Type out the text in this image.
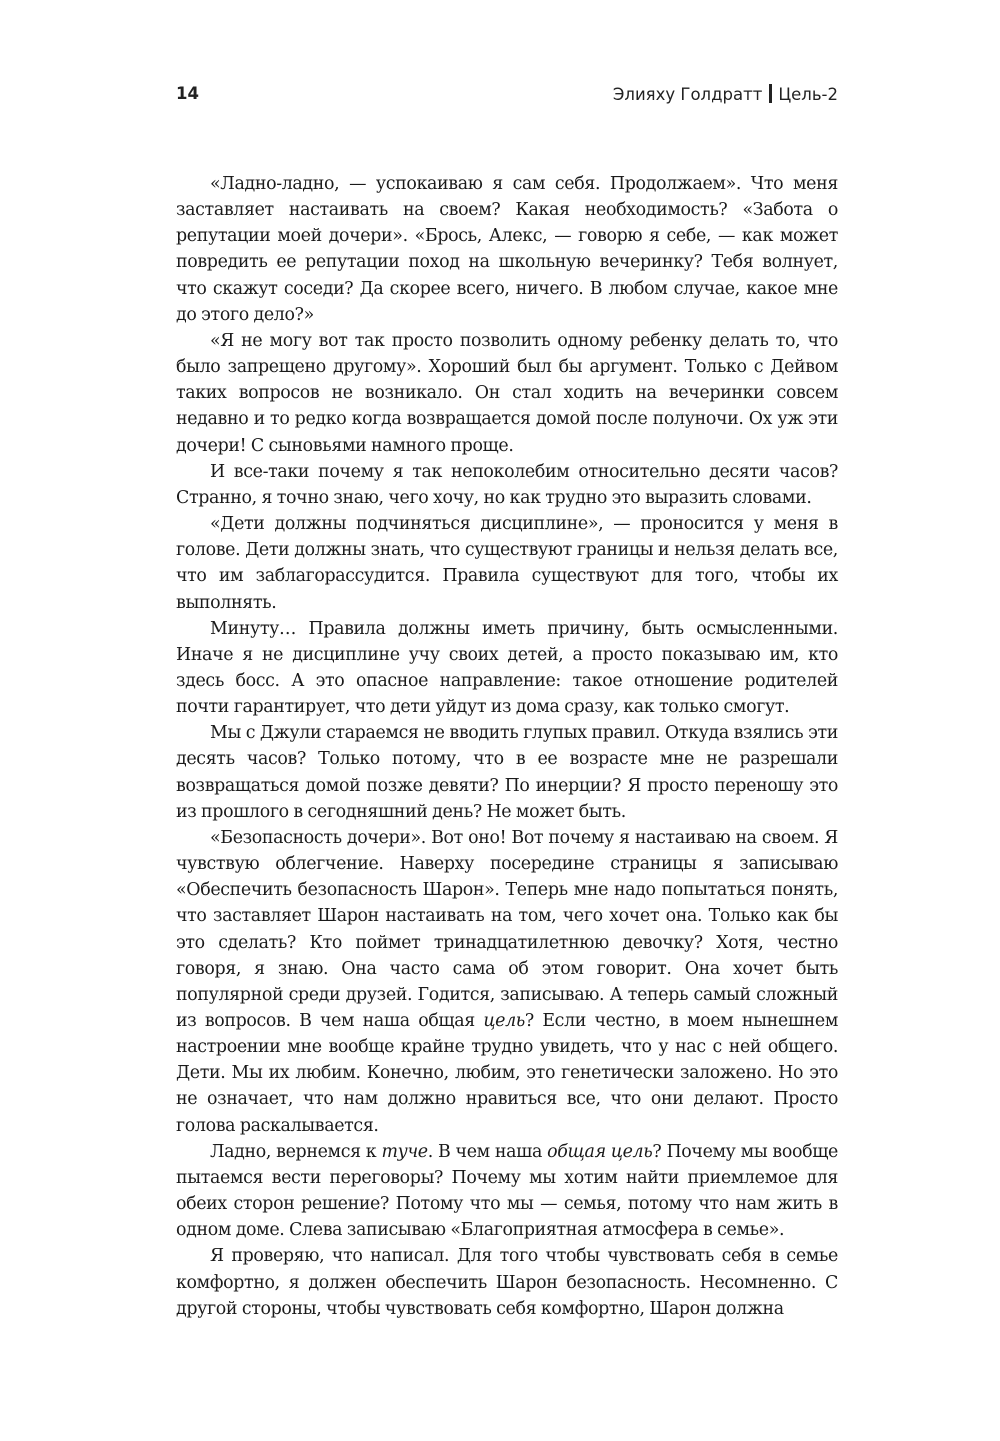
14	Элияху Голдратт Цель-2

«Ладно-ладно, — успокаиваю я сам себя. Продолжаем». Что меня заставляет настаивать на своем? Какая необходимость? «Забота о репутации моей дочери». «Брось, Алекс, — говорю я себе, — как может повредить ее репутации поход на школьную вечеринку? Тебя волнует, что скажут соседи? Да скорее всего, ничего. В любом случае, какое мне до этого дело?»

«Я не могу вот так просто позволить одному ребенку делать то, что было запрещено другому». Хороший был бы аргумент. Только с Дейвом таких вопросов не возникало. Он стал ходить на вечеринки совсем недавно и то редко когда возвращается домой после полуночи. Ох уж эти дочери! С сыновьями намного проще.

И все-таки почему я так непоколебим относительно десяти часов? Странно, я точно знаю, чего хочу, но как трудно это выразить словами.

«Дети должны подчиняться дисциплине», — проносится у меня в голове. Дети должны знать, что существуют границы и нельзя делать все, что им заблагорассудится. Правила существуют для того, чтобы их выполнять.

Минуту… Правила должны иметь причину, быть осмысленными. Иначе я не дисциплине учу своих детей, а просто показываю им, кто здесь босс. А это опасное направление: такое отношение родителей почти гарантирует, что дети уйдут из дома сразу, как только смогут.

Мы с Джули стараемся не вводить глупых правил. Откуда взялись эти десять часов? Только потому, что в ее возрасте мне не разрешали возвращаться домой позже девяти? По инерции? Я просто переношу это из прошлого в сегодняшний день? Не может быть.

«Безопасность дочери». Вот оно! Вот почему я настаиваю на своем. Я чувствую облегчение. Наверху посередине страницы я записываю «Обеспечить безопасность Шарон». Теперь мне надо попытаться понять, что заставляет Шарон настаивать на том, чего хочет она. Только как бы это сделать? Кто поймет тринадцатилетнюю девочку? Хотя, честно говоря, я знаю. Она часто сама об этом говорит. Она хочет быть популярной среди друзей. Годится, записываю. А теперь самый сложный из вопросов. В чем наша общая цель? Если честно, в моем нынешнем настроении мне вообще крайне трудно увидеть, что у нас с ней общего. Дети. Мы их любим. Конечно, любим, это генетически заложено. Но это не означает, что нам должно нравиться все, что они делают. Просто голова раскалывается.

Ладно, вернемся к туче. В чем наша общая цель? Почему мы вообще пытаемся вести переговоры? Почему мы хотим найти приемлемое для обеих сторон решение? Потому что мы — семья, потому что нам жить в одном доме. Слева записываю «Благоприятная атмосфера в семье».

Я проверяю, что написал. Для того чтобы чувствовать себя в семье комфортно, я должен обеспечить Шарон безопасность. Несомненно. С другой стороны, чтобы чувствовать себя комфортно, Шарон должна
